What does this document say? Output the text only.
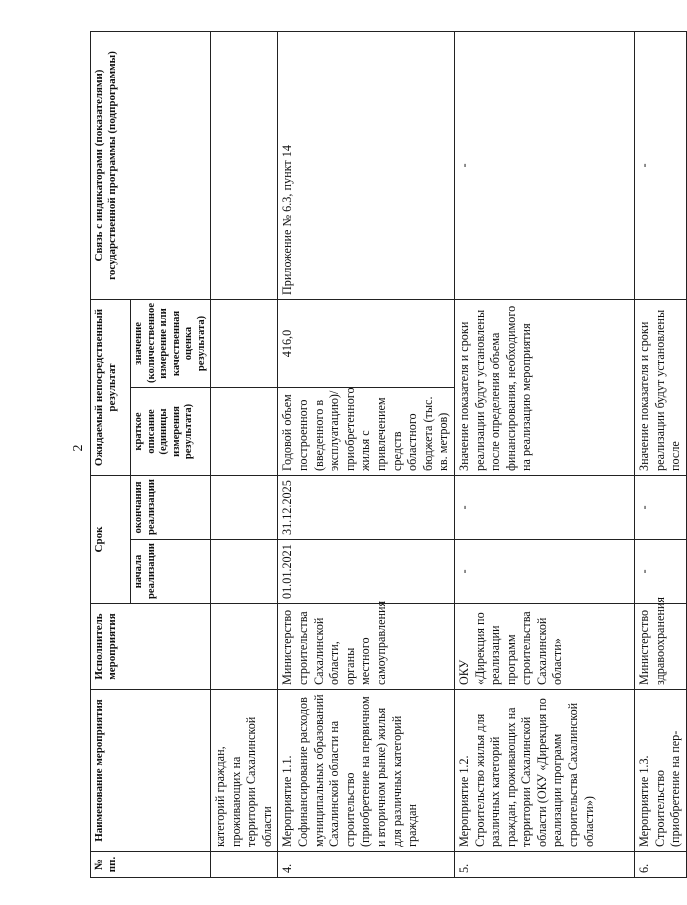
2
№ пп.	Наименование мероприятия	Исполнитель мероприятия	Срок		Ожидаемый непосредственный результат		Связь с индикаторами (показателями) государственной программы (подпрограммы)
			начала реализации	окончания реализации	краткое описание (единицы измерения результата)	значение (количественное измерение или качественная оценка результата)	
	категорий граждан, проживающих на территории Сахалинской области						
4.	Мероприятие 1.1. Софинансирование расходов муниципальных образований Сахалинской области на строительство (приобретение на первичном и вторичном рынке) жилья для различных категорий граждан	Министерство строительства Сахалинской области, органы местного самоуправления	01.01.2021	31.12.2025	Годовой объем построенного (введенного в эксплуатацию)/приобретенного жилья с привлечением средств областного бюджета (тыс. кв. метров)	416,0	Приложение № 6.3, пункт 14
5.	Мероприятие 1.2. Строительство жилья для различных категорий граждан, проживающих на территории Сахалинской области (ОКУ «Дирекция по реализации программ строительства Сахалинской области»)	ОКУ «Дирекция по реализации программ строительства Сахалинской области»	-	-	Значение показателя и сроки реализации будут установлены после определения объема финансирования, необходимого на реализацию мероприятия		-
6.	Мероприятие 1.3. Строительство (приобретение на пер-	Министерство здравоохранения	-	-	Значение показателя и сроки реализации будут установлены после		-
